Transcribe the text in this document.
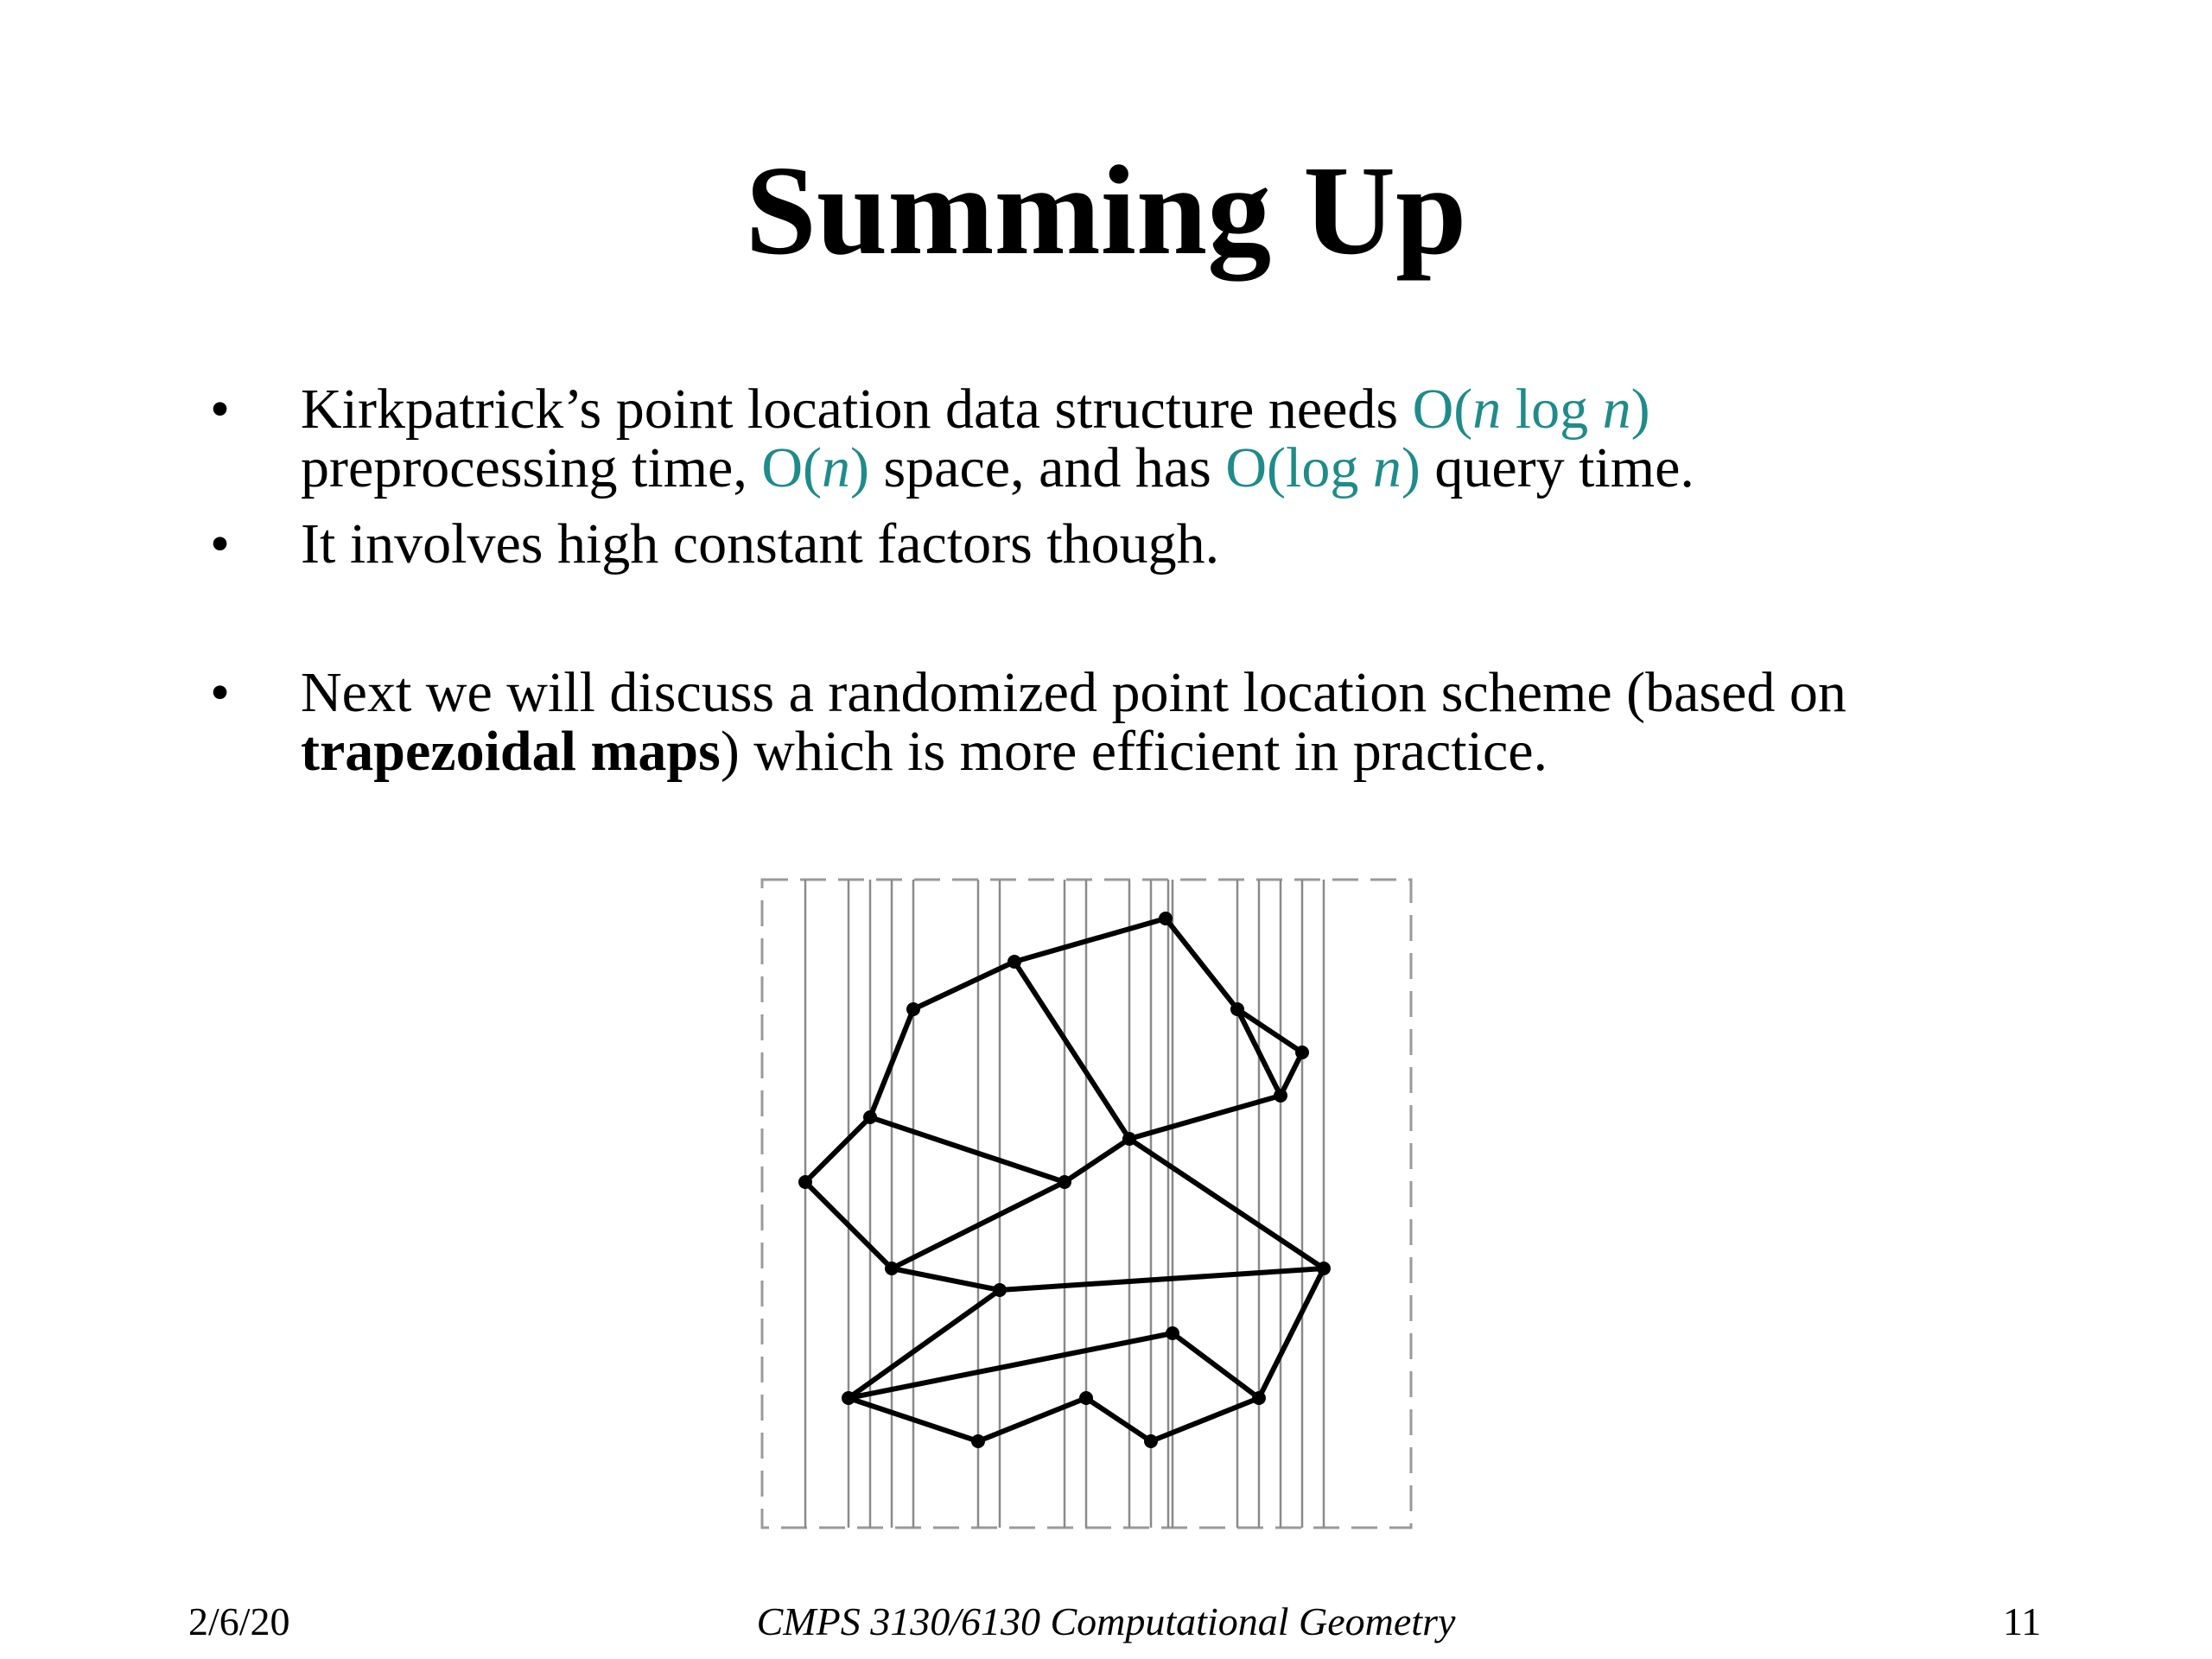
Summing Up
• Kirkpatrick’s point location data structure needs O(n log n)
preprocessing time, O(n) space, and has O(log n) query time.
• It involves high constant factors though.
• Next we will discuss a randomized point location scheme (based on
trapezoidal maps) which is more efficient in practice.
2/6/20	CMPS 3130/6130 Computational Geometry	11
